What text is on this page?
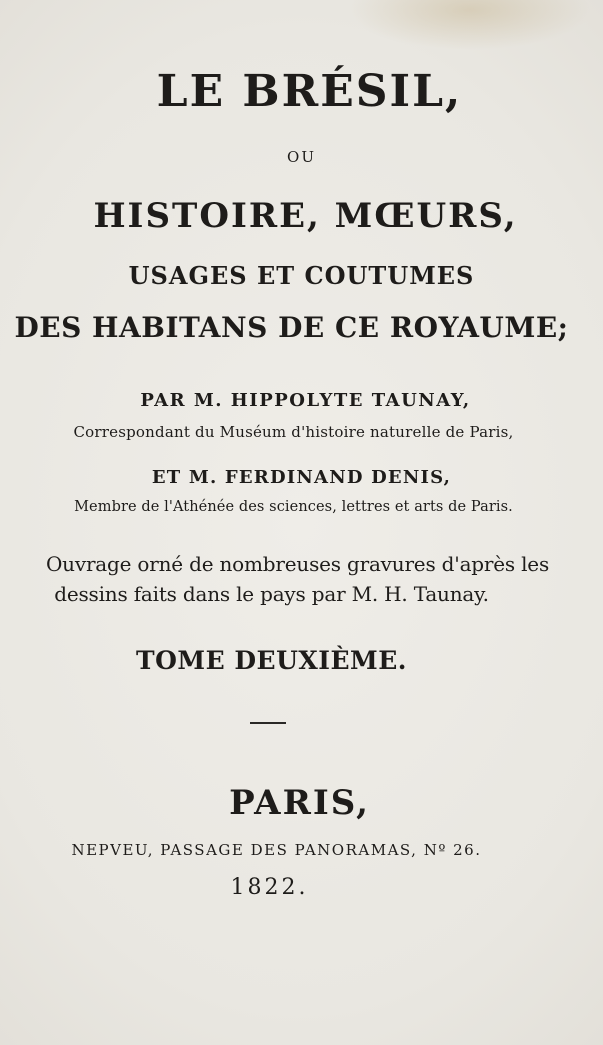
LE BRÉSIL,
OU
HISTOIRE, MŒURS,
USAGES ET COUTUMES
DES HABITANS DE CE ROYAUME;
PAR M. HIPPOLYTE TAUNAY,
Correspondant du Muséum d'histoire naturelle de Paris,
ET M. FERDINAND DENIS,
Membre de l'Athénée des sciences, lettres et arts de Paris.
Ouvrage orné de nombreuses gravures d'après les
dessins faits dans le pays par M. H. Taunay.
TOME DEUXIÈME.
PARIS,
NEPVEU, PASSAGE DES PANORAMAS, Nº 26.
1822.
